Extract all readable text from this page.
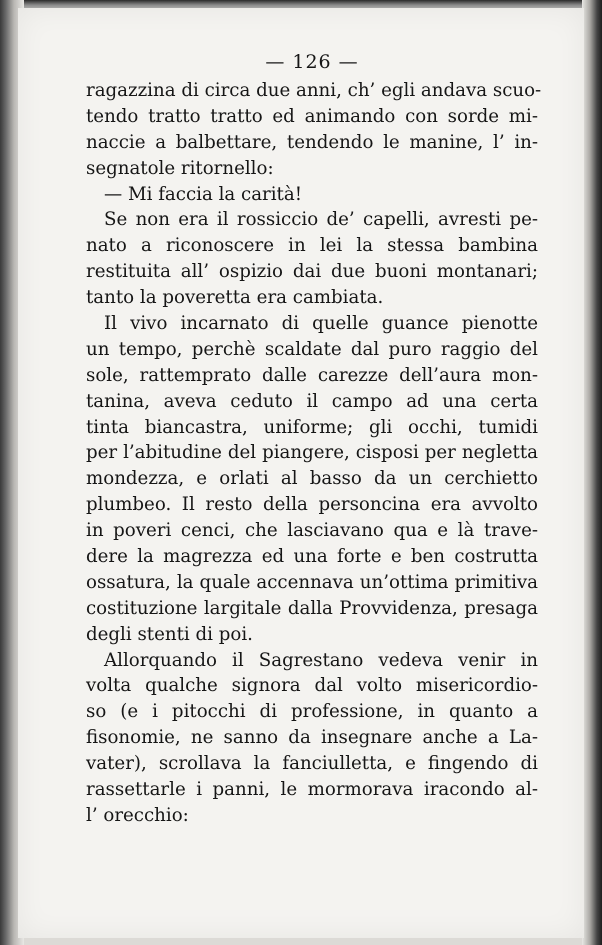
— 126 —
ragazzina di circa due anni, ch’ egli andava scuo-
tendo tratto tratto ed animando con sorde mi-
naccie a balbettare, tendendo le manine, l’ in-
segnatole ritornello:
— Mi faccia la carità!
Se non era il rossiccio de’ capelli, avresti pe-
nato a riconoscere in lei la stessa bambina
restituita all’ ospizio dai due buoni montanari;
tanto la poveretta era cambiata.
Il vivo incarnato di quelle guance pienotte
un tempo, perchè scaldate dal puro raggio del
sole, rattemprato dalle carezze dell’aura mon-
tanina, aveva ceduto il campo ad una certa
tinta biancastra, uniforme; gli occhi, tumidi
per l’abitudine del piangere, cisposi per negletta
mondezza, e orlati al basso da un cerchietto
plumbeo. Il resto della personcina era avvolto
in poveri cenci, che lasciavano qua e là trave-
dere la magrezza ed una forte e ben costrutta
ossatura, la quale accennava un’ottima primitiva
costituzione largitale dalla Provvidenza, presaga
degli stenti di poi.
Allorquando il Sagrestano vedeva venir in
volta qualche signora dal volto misericordio-
so (e i pitocchi di professione, in quanto a
fisonomie, ne sanno da insegnare anche a La-
vater), scrollava la fanciulletta, e fingendo di
rassettarle i panni, le mormorava iracondo al-
l’ orecchio:
